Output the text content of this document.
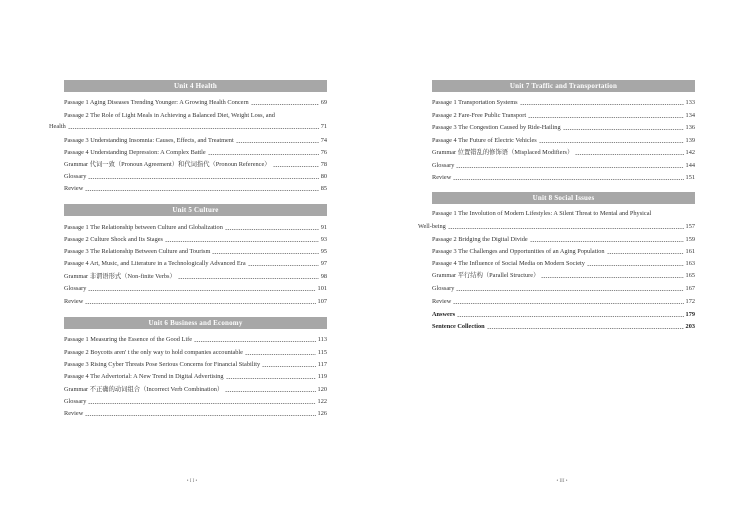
Unit 4 Health
Passage 1 Aging Diseases Trending Younger: A Growing Health Concern	69
Passage 2 The Role of Light Meals in Achieving a Balanced Diet, Weight Loss, and
Health	71
Passage 3 Understanding Insomnia: Causes, Effects, and Treatment	74
Passage 4 Understanding Depression: A Complex Battle	76
Grammar 代词一致（Pronoun Agreement）和代词指代（Pronoun Reference）	78
Glossary	80
Review	85
Unit 5 Culture
Passage 1 The Relationship between Culture and Globalization	91
Passage 2 Culture Shock and Its Stages	93
Passage 3 The Relationship Between Culture and Tourism	95
Passage 4 Art, Music, and Literature in a Technologically Advanced Era	97
Grammar 非谓语形式（Non-finite Verbs）	98
Glossary	101
Review	107
Unit 6 Business and Economy
Passage 1 Measuring the Essence of the Good Life	113
Passage 2 Boycotts aren' t the only way to hold companies accountable	115
Passage 3 Rising Cyber Threats Pose Serious Concerns for Financial Stability	117
Passage 4 The Advertorial: A New Trend in Digital Advertising	119
Grammar 不正确的动词组合（Incorrect Verb Combination）	120
Glossary	122
Review	126
• I I •
Unit 7 Traffic and Transportation
Passage 1 Transportation Systems	133
Passage 2 Fare-Free Public Transport	134
Passage 3 The Congestion Caused by Ride-Hailing	136
Passage 4 The Future of Electric Vehicles	139
Grammar 位置错乱的修饰语（Misplaced Modifiers）	142
Glossary	144
Review	151
Unit 8 Social Issues
Passage 1 The Involution of Modern Lifestyles: A Silent Threat to Mental and Physical
Well-being	157
Passage 2 Bridging the Digital Divide	159
Passage 3 The Challenges and Opportunities of an Aging Population	161
Passage 4 The Influence of Social Media on Modern Society	163
Grammar 平行结构（Parallel Structure）	165
Glossary	167
Review	172
Answers	179
Sentence Collection	203
• III •
